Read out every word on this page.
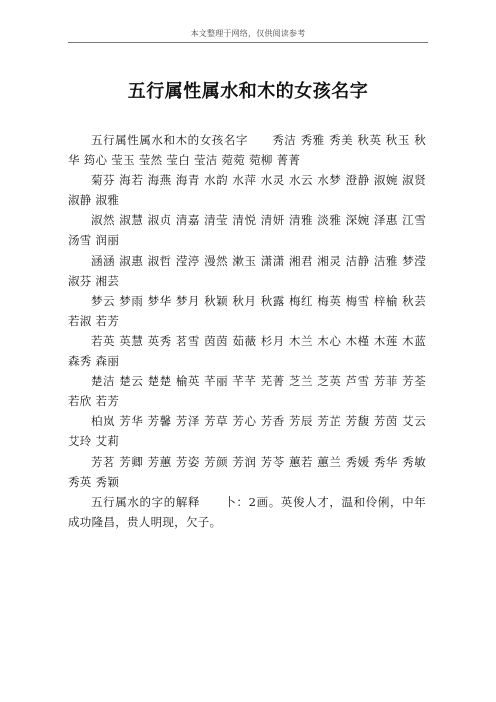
本文整理于网络，仅供阅读参考
五行属性属水和木的女孩名字

五行属性属水和木的女孩名字　　秀洁 秀雅 秀美 秋英 秋玉 秋华 筠心 莹玉 莹然 莹白 莹洁 菀菀 菀柳 菁菁

菊芬 海若 海燕 海青 水韵 水萍 水灵 水云 水梦 澄静 淑婉 淑贤 淑静 淑雅

淑然 淑慧 淑贞 清嘉 清莹 清悦 清妍 清雅 淡雅 深婉 泽惠 江雪 汤雪 润丽

涵涵 淑惠 淑哲 滢渟 漫然 漱玉 潇潇 湘君 湘灵 洁静 洁雅 梦滢 淑芬 湘芸

梦云 梦雨 梦华 梦月 秋颖 秋月 秋露 梅红 梅英 梅雪 梓榆 秋芸 若淑 若芳

若英 英慧 英秀 茗雪 茵茵 茹薇 杉月 木兰 木心 木槿 木莲 木蓝 森秀 森丽

楚洁 楚云 楚楚 榆英 芊丽 芊芊 芜菁 芝兰 芝英 芦雪 芳菲 芳荃 若欣 若芳

柏岚 芳华 芳馨 芳泽 芳草 芳心 芳香 芳辰 芳芷 芳馥 芳茵 艾云 艾玲 艾莉

芳茗 芳卿 芳蕙 芳姿 芳颜 芳润 芳苓 蕙若 蕙兰 秀媛 秀华 秀敏 秀英 秀颖

五行属水的字的解释　　卜：2画。英俊人才，温和伶俐，中年成功隆昌，贵人明现，欠子。
